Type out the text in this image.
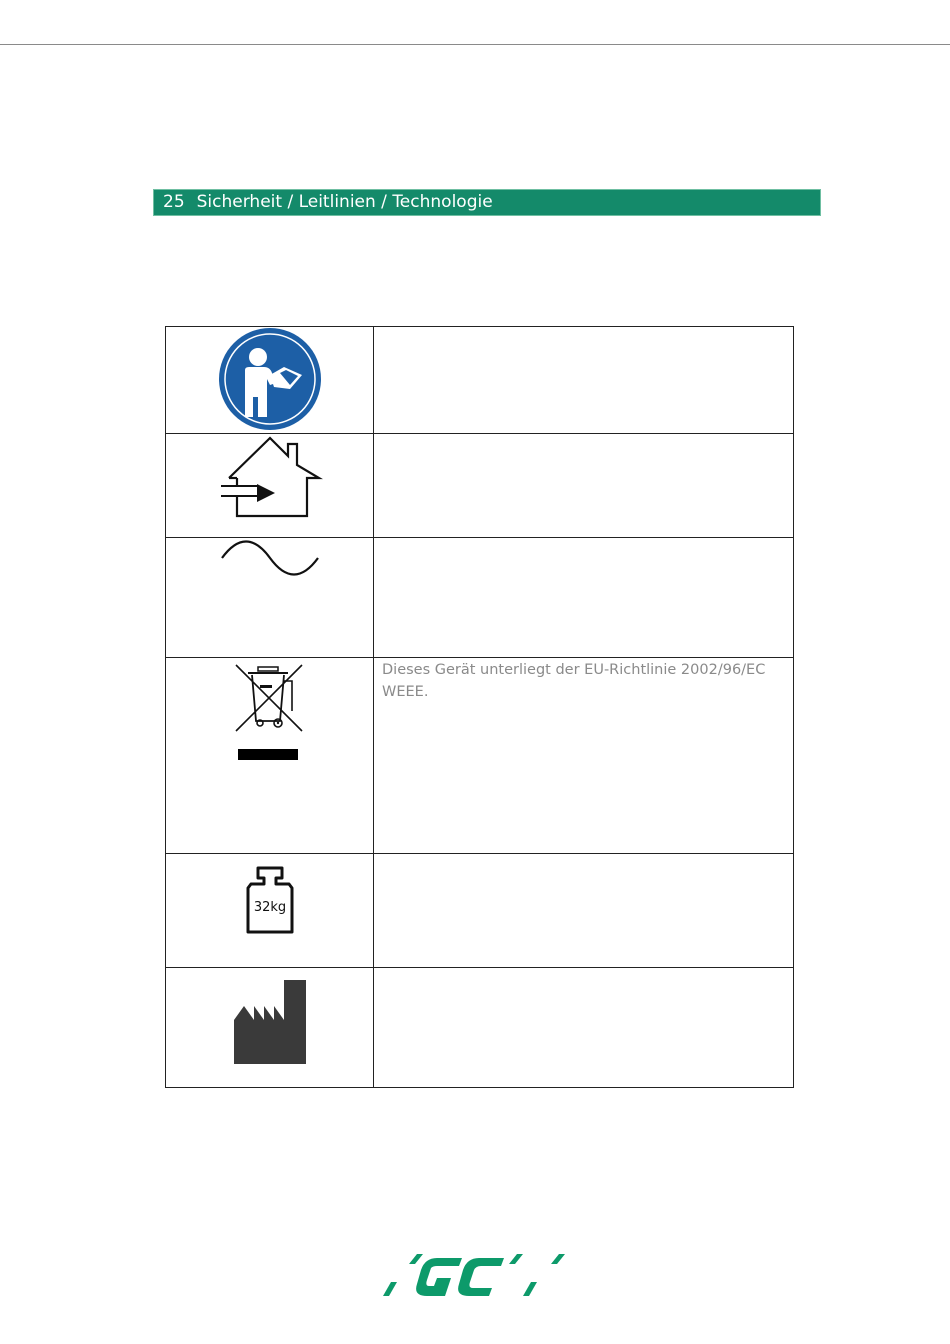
25 Sicherheit / Leitlinien / Technologie

Dieses Gerät unterliegt der EU-Richtlinie 2002/96/EC WEEE.

32kg	
